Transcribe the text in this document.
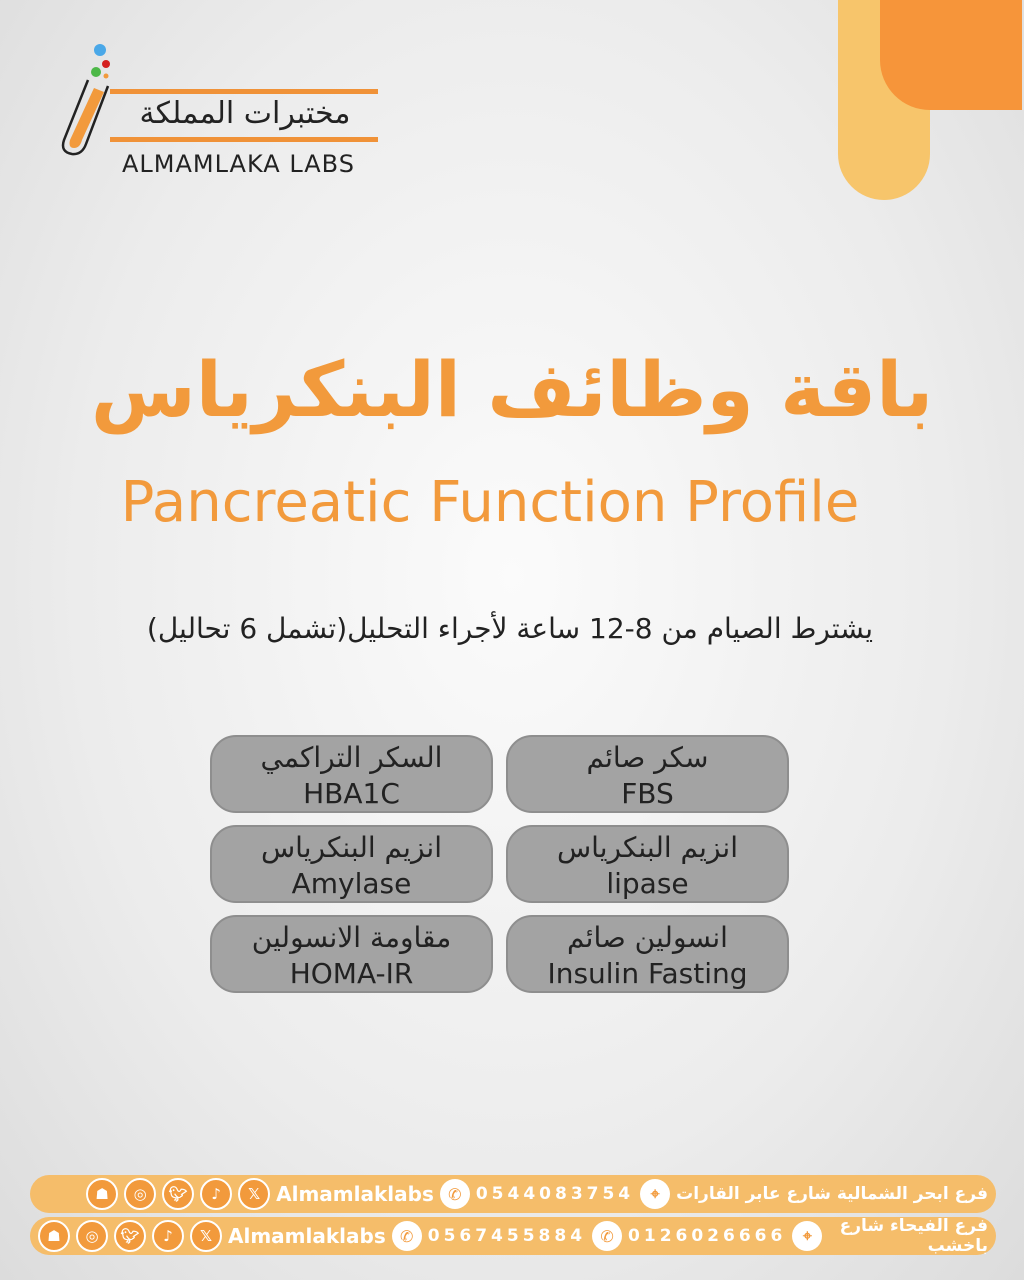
مختبرات المملكة
ALMAMLAKA LABS
باقة وظائف البنكرياس
Pancreatic Function Profile
يشترط الصيام من 8-12 ساعة لأجراء التحليل(تشمل 6 تحاليل)
سكر صائم
FBS
السكر التراكمي
HBA1C
انزيم البنكرياس
lipase
انزيم البنكرياس
Amylase
انسولين صائم
Insulin Fasting
مقاومة الانسولين
HOMA-IR
فرع ابحر الشمالية شارع عابر القارات
⌖
0544083754
✆
Almamlaklabs
𝕏
♪
🐦︎
◎
☗
فرع الفيحاء شارع باخشب
⌖
0126026666
✆
0567455884
✆
Almamlaklabs
𝕏
♪
🐦︎
◎
☗
